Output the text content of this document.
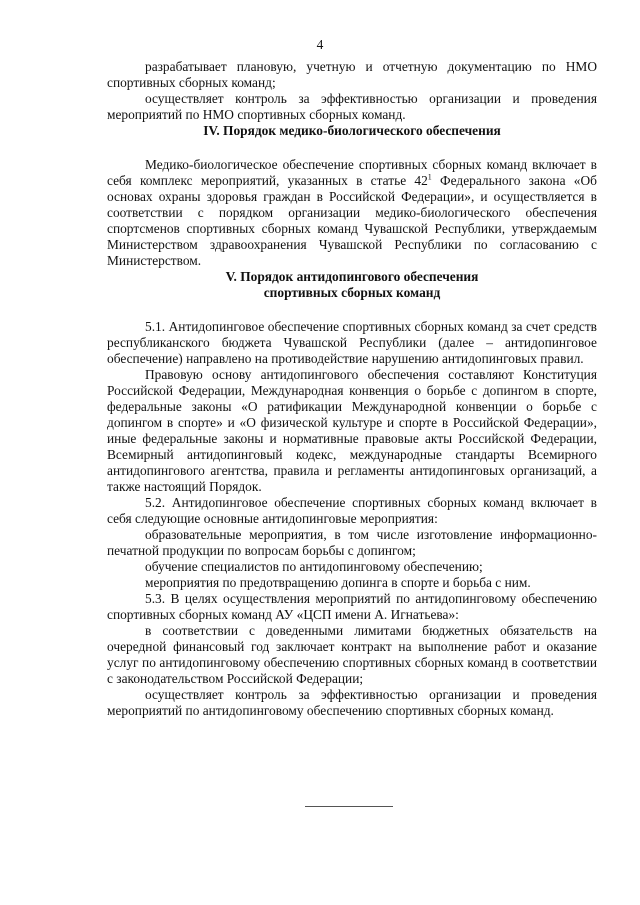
4

разрабатывает плановую, учетную и отчетную документацию по НМО спортивных сборных команд;

осуществляет контроль за эффективностью организации и проведения мероприятий по НМО спортивных сборных команд.

IV. Порядок медико-биологического обеспечения

Медико-биологическое обеспечение спортивных сборных команд включает в себя комплекс мероприятий, указанных в статье $42^1$ Федерального закона «Об основах охраны здоровья граждан в Российской Федерации», и осуществляется в соответствии с порядком организации медико-биологического обеспечения спортсменов спортивных сборных команд Чувашской Республики, утверждаемым Министерством здравоохранения Чувашской Республики по согласованию с Министерством.

V. Порядок антидопингового обеспечения
спортивных сборных команд

5.1. Антидопинговое обеспечение спортивных сборных команд за счет средств республиканского бюджета Чувашской Республики (далее – антидопинговое обеспечение) направлено на противодействие нарушению антидопинговых правил.

Правовую основу антидопингового обеспечения составляют Конституция Российской Федерации, Международная конвенция о борьбе с допингом в спорте, федеральные законы «О ратификации Международной конвенции о борьбе с допингом в спорте» и «О физической культуре и спорте в Российской Федерации», иные федеральные законы и нормативные правовые акты Российской Федерации, Всемирный антидопинговый кодекс, международные стандарты Всемирного антидопингового агентства, правила и регламенты антидопинговых организаций, а также настоящий Порядок.

5.2. Антидопинговое обеспечение спортивных сборных команд включает в себя следующие основные антидопинговые мероприятия:

образовательные мероприятия, в том числе изготовление информационно-печатной продукции по вопросам борьбы с допингом;

обучение специалистов по антидопинговому обеспечению;

мероприятия по предотвращению допинга в спорте и борьба с ним.

5.3. В целях осуществления мероприятий по антидопинговому обеспечению спортивных сборных команд АУ «ЦСП имени А. Игнатьева»:

в соответствии с доведенными лимитами бюджетных обязательств на очередной финансовый год заключает контракт на выполнение работ и оказание услуг по антидопинговому обеспечению спортивных сборных команд в соответствии с законодательством Российской Федерации;

осуществляет контроль за эффективностью организации и проведения мероприятий по антидопинговому обеспечению спортивных сборных команд.
